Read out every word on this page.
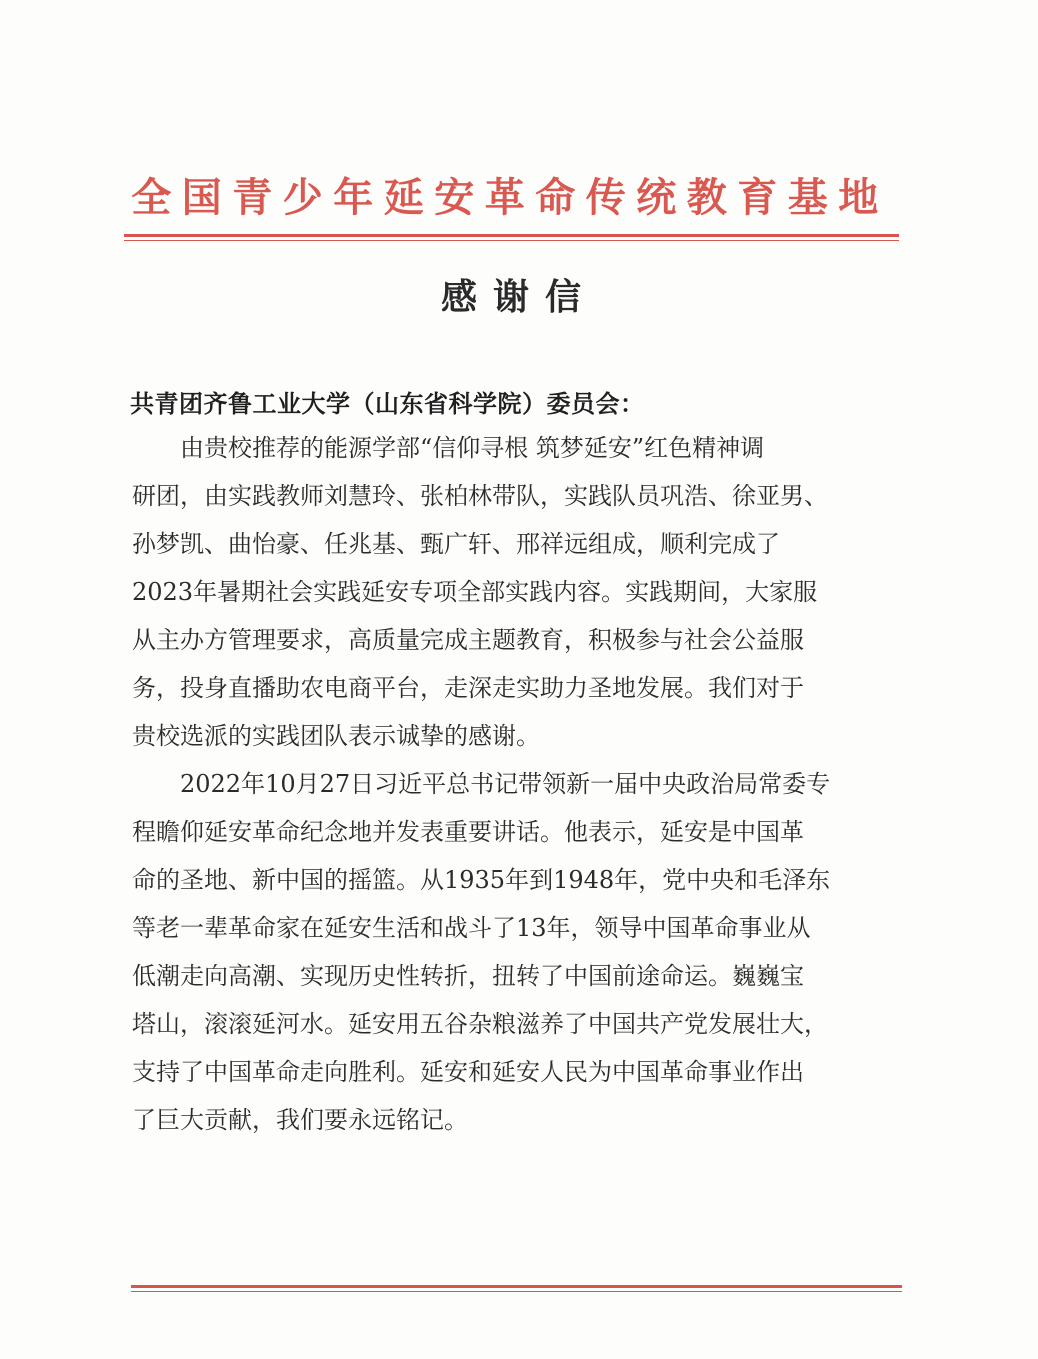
全国青少年延安革命传统教育基地
感谢信
共青团齐鲁工业大学（山东省科学院）委员会：
　　由贵校推荐的能源学部“信仰寻根 筑梦延安”红色精神调
研团，由实践教师刘慧玲、张柏林带队，实践队员巩浩、徐亚男、
孙梦凯、曲怡豪、任兆基、甄广轩、邢祥远组成，顺利完成了
2023年暑期社会实践延安专项全部实践内容。实践期间，大家服
从主办方管理要求，高质量完成主题教育，积极参与社会公益服
务，投身直播助农电商平台，走深走实助力圣地发展。我们对于
贵校选派的实践团队表示诚挚的感谢。
　　2022年10月27日习近平总书记带领新一届中央政治局常委专
程瞻仰延安革命纪念地并发表重要讲话。他表示，延安是中国革
命的圣地、新中国的摇篮。从1935年到1948年，党中央和毛泽东
等老一辈革命家在延安生活和战斗了13年，领导中国革命事业从
低潮走向高潮、实现历史性转折，扭转了中国前途命运。巍巍宝
塔山，滚滚延河水。延安用五谷杂粮滋养了中国共产党发展壮大，
支持了中国革命走向胜利。延安和延安人民为中国革命事业作出
了巨大贡献，我们要永远铭记。
